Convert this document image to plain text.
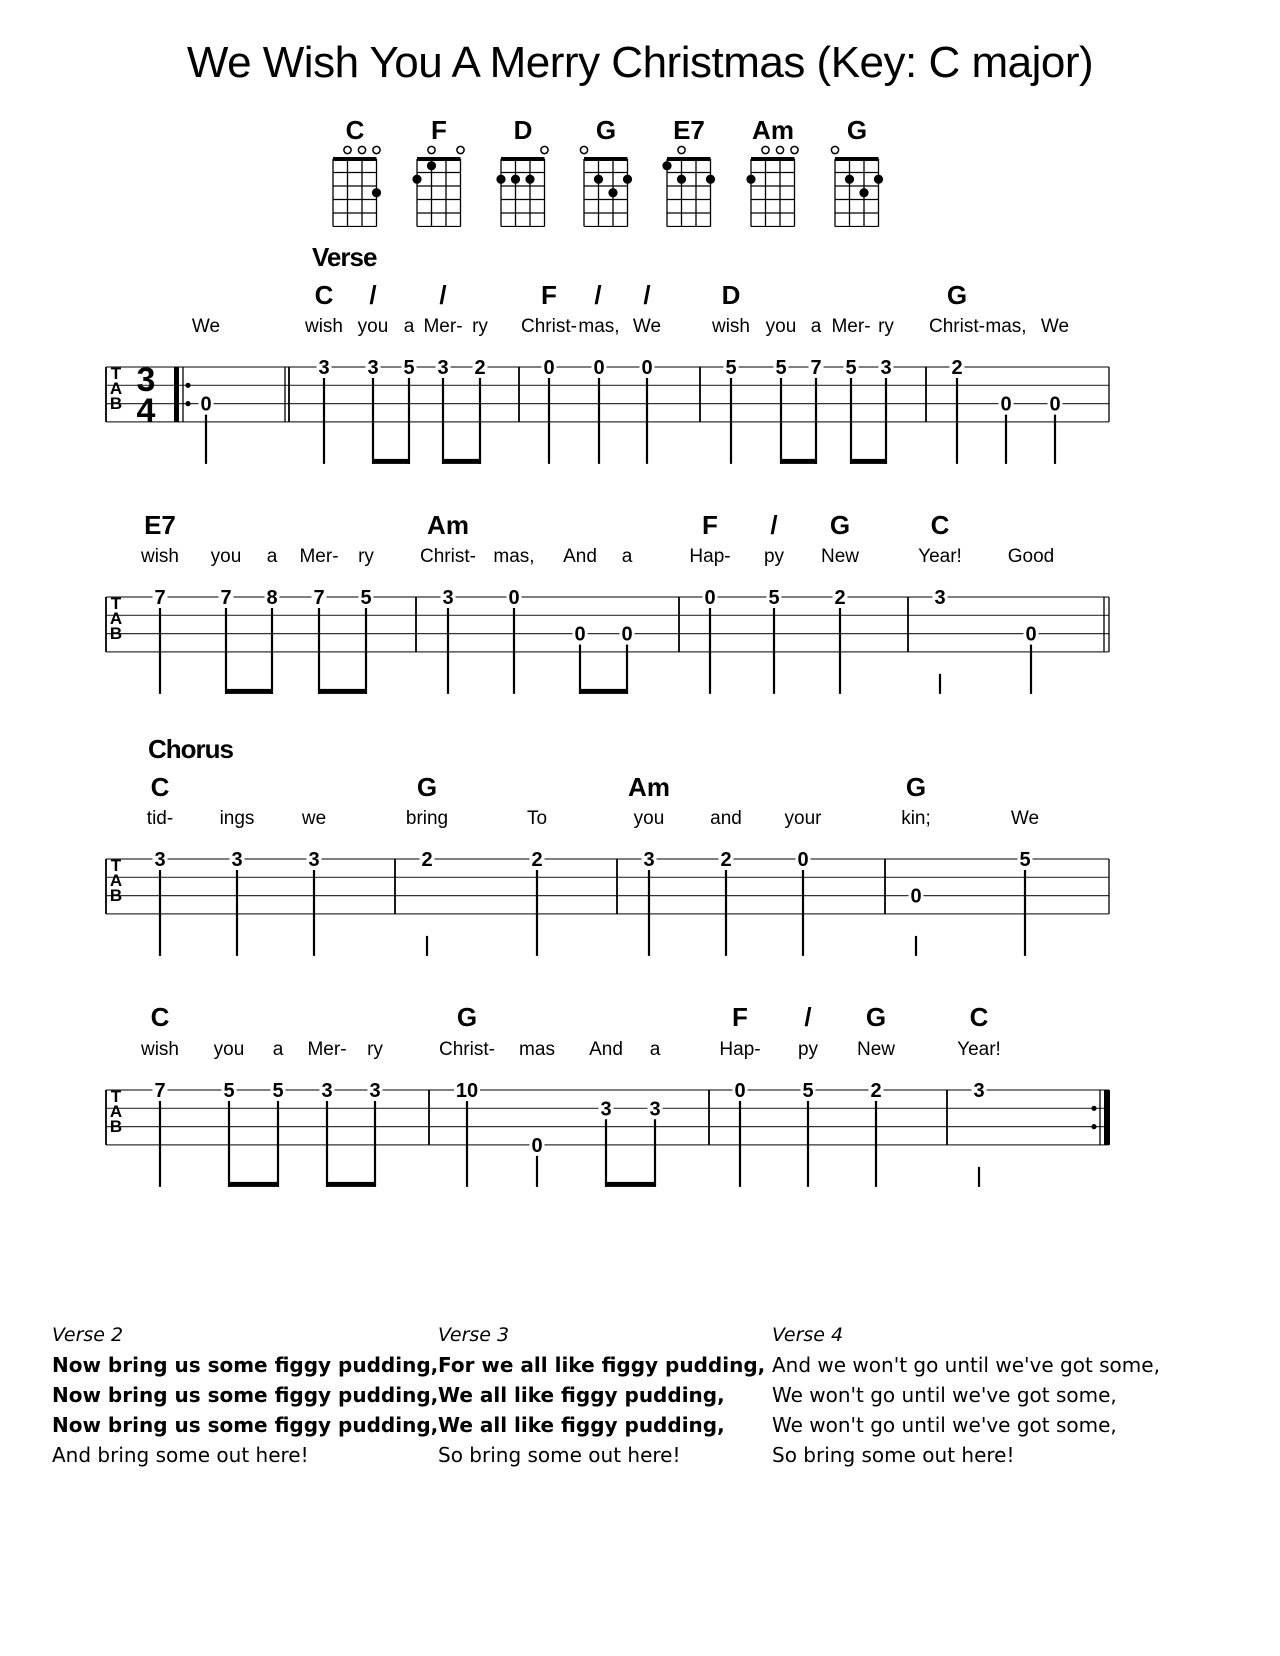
We Wish You A Merry Christmas (Key: C major)
C	F	D	G	E7	Am	G
Verse
Chorus
T
A
B
3
4 0
3 3 5 3 2	0 0 0	5 5 7 5 3	2
0 0
T
A
B
7	7 8 7 5	3	0
0 0
0	5	2	3
0
T
A
B
3	3	3	2	2	3	2	0
0
5
T
A
B
7	5 5 3 3	10
0
3 3
0	5	2	3
C / /	F / /	D	G
We	wish you a Mer- ry Christ- mas, We	wish you a Mer- ry Christ- mas, We
E7	Am	F / G	C
wish you a Mer- ry Christ- mas, And a	Hap- py New	Year! Good
C	G	Am	G
tid- ings we	bring	To	you and your	kin;	We
C	G	F / G	C
wish you a Mer- ry	Christ- mas And a	Hap- py New	Year!
Verse 2
Now bring us some figgy pudding,
Now bring us some figgy pudding,
Now bring us some figgy pudding,
And bring some out here!
Verse 3
For we all like figgy pudding,
We all like figgy pudding,
We all like figgy pudding,
So bring some out here!
Verse 4
And we won't go until we've got some,
We won't go until we've got some,
We won't go until we've got some,
So bring some out here!
